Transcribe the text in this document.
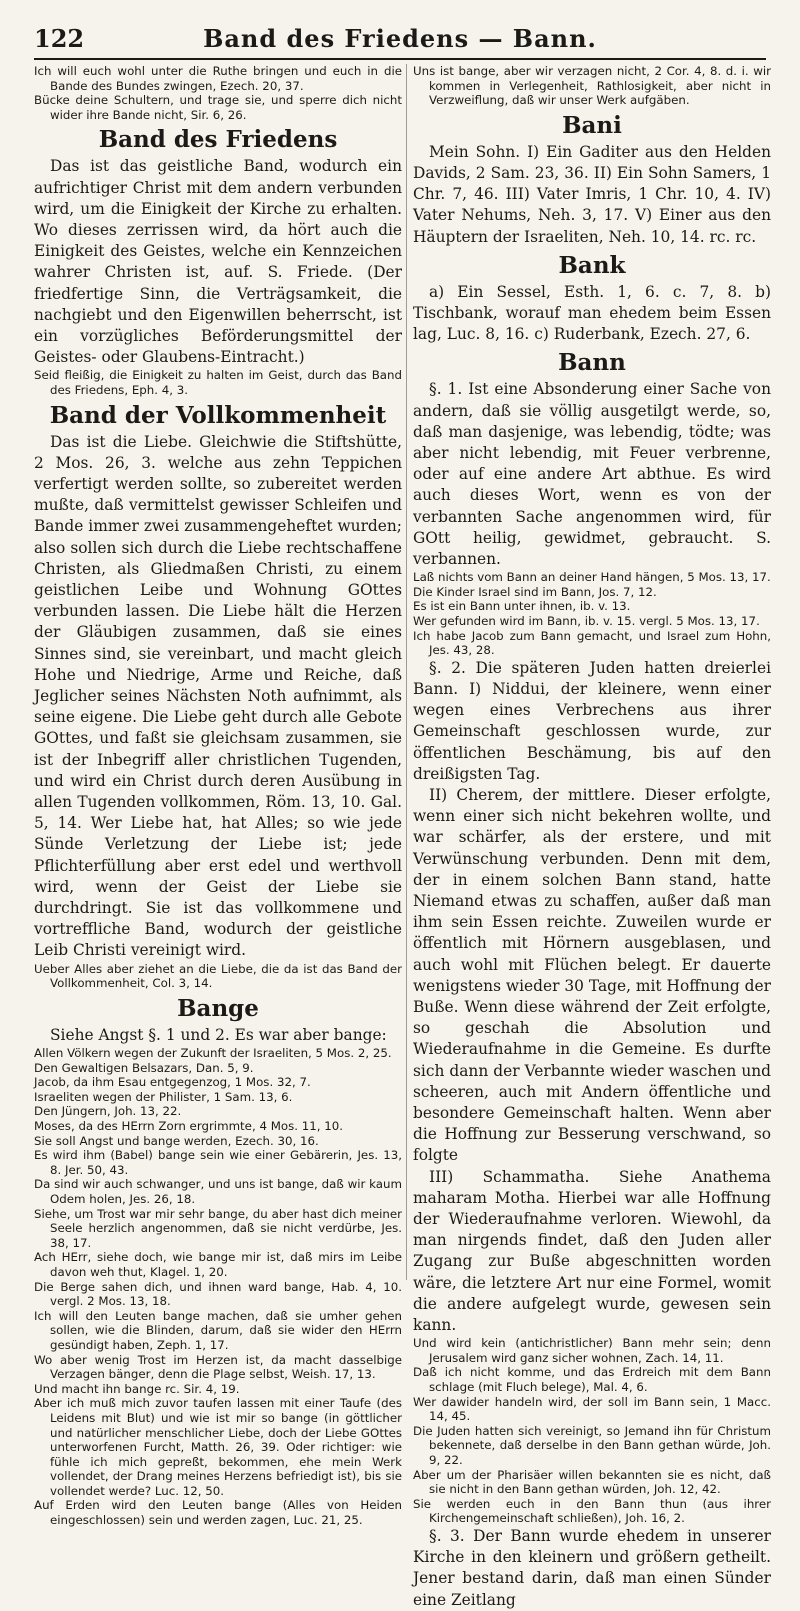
122	Band des Friedens — Bann.

Ich will euch wohl unter die Ruthe bringen und euch in die Bande des Bundes zwingen, Ezech. 20, 37.

Bücke deine Schultern, und trage sie, und sperre dich nicht wider ihre Bande nicht, Sir. 6, 26.

Band des Friedens

Das ist das geistliche Band, wodurch ein aufrichtiger Christ mit dem andern verbunden wird, um die Einigkeit der Kirche zu erhalten. Wo dieses zerrissen wird, da hört auch die Einigkeit des Geistes, welche ein Kennzeichen wahrer Christen ist, auf. S. Friede. (Der friedfertige Sinn, die Verträgsamkeit, die nachgiebt und den Eigenwillen beherrscht, ist ein vorzügliches Beförderungsmittel der Geistes- oder Glaubens-Eintracht.)

Seid fleißig, die Einigkeit zu halten im Geist, durch das Band des Friedens, Eph. 4, 3.

Band der Vollkommenheit

Das ist die Liebe. Gleichwie die Stiftshütte, 2 Mos. 26, 3. welche aus zehn Teppichen verfertigt werden sollte, so zubereitet werden mußte, daß vermittelst gewisser Schleifen und Bande immer zwei zusammengeheftet wurden; also sollen sich durch die Liebe rechtschaffene Christen, als Gliedmaßen Christi, zu einem geistlichen Leibe und Wohnung GOttes verbunden lassen. Die Liebe hält die Herzen der Gläubigen zusammen, daß sie eines Sinnes sind, sie vereinbart, und macht gleich Hohe und Niedrige, Arme und Reiche, daß Jeglicher seines Nächsten Noth aufnimmt, als seine eigene. Die Liebe geht durch alle Gebote GOttes, und faßt sie gleichsam zusammen, sie ist der Inbegriff aller christlichen Tugenden, und wird ein Christ durch deren Ausübung in allen Tugenden vollkommen, Röm. 13, 10. Gal. 5, 14. Wer Liebe hat, hat Alles; so wie jede Sünde Verletzung der Liebe ist; jede Pflichterfüllung aber erst edel und werthvoll wird, wenn der Geist der Liebe sie durchdringt. Sie ist das vollkommene und vortreffliche Band, wodurch der geistliche Leib Christi vereinigt wird.

Ueber Alles aber ziehet an die Liebe, die da ist das Band der Vollkommenheit, Col. 3, 14.

Bange

Siehe Angst §. 1 und 2. Es war aber bange:

Allen Völkern wegen der Zukunft der Israeliten, 5 Mos. 2, 25.

Den Gewaltigen Belsazars, Dan. 5, 9.

Jacob, da ihm Esau entgegenzog, 1 Mos. 32, 7.

Israeliten wegen der Philister, 1 Sam. 13, 6.

Den Jüngern, Joh. 13, 22.

Moses, da des HErrn Zorn ergrimmte, 4 Mos. 11, 10.

Sie soll Angst und bange werden, Ezech. 30, 16.

Es wird ihm (Babel) bange sein wie einer Gebärerin, Jes. 13, 8. Jer. 50, 43.

Da sind wir auch schwanger, und uns ist bange, daß wir kaum Odem holen, Jes. 26, 18.

Siehe, um Trost war mir sehr bange, du aber hast dich meiner Seele herzlich angenommen, daß sie nicht verdürbe, Jes. 38, 17.

Ach HErr, siehe doch, wie bange mir ist, daß mirs im Leibe davon weh thut, Klagel. 1, 20.

Die Berge sahen dich, und ihnen ward bange, Hab. 4, 10. vergl. 2 Mos. 13, 18.

Ich will den Leuten bange machen, daß sie umher gehen sollen, wie die Blinden, darum, daß sie wider den HErrn gesündigt haben, Zeph. 1, 17.

Wo aber wenig Trost im Herzen ist, da macht dasselbige Verzagen bänger, denn die Plage selbst, Weish. 17, 13.

Und macht ihn bange rc. Sir. 4, 19.

Aber ich muß mich zuvor taufen lassen mit einer Taufe (des Leidens mit Blut) und wie ist mir so bange (in göttlicher und natürlicher menschlicher Liebe, doch der Liebe GOttes unterworfenen Furcht, Matth. 26, 39. Oder richtiger: wie fühle ich mich gepreßt, bekommen, ehe mein Werk vollendet, der Drang meines Herzens befriedigt ist), bis sie vollendet werde? Luc. 12, 50.

Auf Erden wird den Leuten bange (Alles von Heiden eingeschlossen) sein und werden zagen, Luc. 21, 25.

Uns ist bange, aber wir verzagen nicht, 2 Cor. 4, 8. d. i. wir kommen in Verlegenheit, Rathlosigkeit, aber nicht in Verzweiflung, daß wir unser Werk aufgäben.

Bani

Mein Sohn. I) Ein Gaditer aus den Helden Davids, 2 Sam. 23, 36. II) Ein Sohn Samers, 1 Chr. 7, 46. III) Vater Imris, 1 Chr. 10, 4. IV) Vater Nehums, Neh. 3, 17. V) Einer aus den Häuptern der Israeliten, Neh. 10, 14. rc. rc.

Bank

a) Ein Sessel, Esth. 1, 6. c. 7, 8. b) Tischbank, worauf man ehedem beim Essen lag, Luc. 8, 16. c) Ruderbank, Ezech. 27, 6.

Bann

§. 1. Ist eine Absonderung einer Sache von andern, daß sie völlig ausgetilgt werde, so, daß man dasjenige, was lebendig, tödte; was aber nicht lebendig, mit Feuer verbrenne, oder auf eine andere Art abthue. Es wird auch dieses Wort, wenn es von der verbannten Sache angenommen wird, für GOtt heilig, gewidmet, gebraucht. S. verbannen.

Laß nichts vom Bann an deiner Hand hängen, 5 Mos. 13, 17.

Die Kinder Israel sind im Bann, Jos. 7, 12.

Es ist ein Bann unter ihnen, ib. v. 13.

Wer gefunden wird im Bann, ib. v. 15. vergl. 5 Mos. 13, 17.

Ich habe Jacob zum Bann gemacht, und Israel zum Hohn, Jes. 43, 28.

§. 2. Die späteren Juden hatten dreierlei Bann. I) Niddui, der kleinere, wenn einer wegen eines Verbrechens aus ihrer Gemeinschaft geschlossen wurde, zur öffentlichen Beschämung, bis auf den dreißigsten Tag.

II) Cherem, der mittlere. Dieser erfolgte, wenn einer sich nicht bekehren wollte, und war schärfer, als der erstere, und mit Verwünschung verbunden. Denn mit dem, der in einem solchen Bann stand, hatte Niemand etwas zu schaffen, außer daß man ihm sein Essen reichte. Zuweilen wurde er öffentlich mit Hörnern ausgeblasen, und auch wohl mit Flüchen belegt. Er dauerte wenigstens wieder 30 Tage, mit Hoffnung der Buße. Wenn diese während der Zeit erfolgte, so geschah die Absolution und Wiederaufnahme in die Gemeine. Es durfte sich dann der Verbannte wieder waschen und scheeren, auch mit Andern öffentliche und besondere Gemeinschaft halten. Wenn aber die Hoffnung zur Besserung verschwand, so folgte

III) Schammatha. Siehe Anathema maharam Motha. Hierbei war alle Hoffnung der Wiederaufnahme verloren. Wiewohl, da man nirgends findet, daß den Juden aller Zugang zur Buße abgeschnitten worden wäre, die letztere Art nur eine Formel, womit die andere aufgelegt wurde, gewesen sein kann.

Und wird kein (antichristlicher) Bann mehr sein; denn Jerusalem wird ganz sicher wohnen, Zach. 14, 11.

Daß ich nicht komme, und das Erdreich mit dem Bann schlage (mit Fluch belege), Mal. 4, 6.

Wer dawider handeln wird, der soll im Bann sein, 1 Macc. 14, 45.

Die Juden hatten sich vereinigt, so Jemand ihn für Christum bekennete, daß derselbe in den Bann gethan würde, Joh. 9, 22.

Aber um der Pharisäer willen bekannten sie es nicht, daß sie nicht in den Bann gethan würden, Joh. 12, 42.

Sie werden euch in den Bann thun (aus ihrer Kirchengemeinschaft schließen), Joh. 16, 2.

§. 3. Der Bann wurde ehedem in unserer Kirche in den kleinern und größern getheilt. Jener bestand darin, daß man einen Sünder eine Zeitlang
